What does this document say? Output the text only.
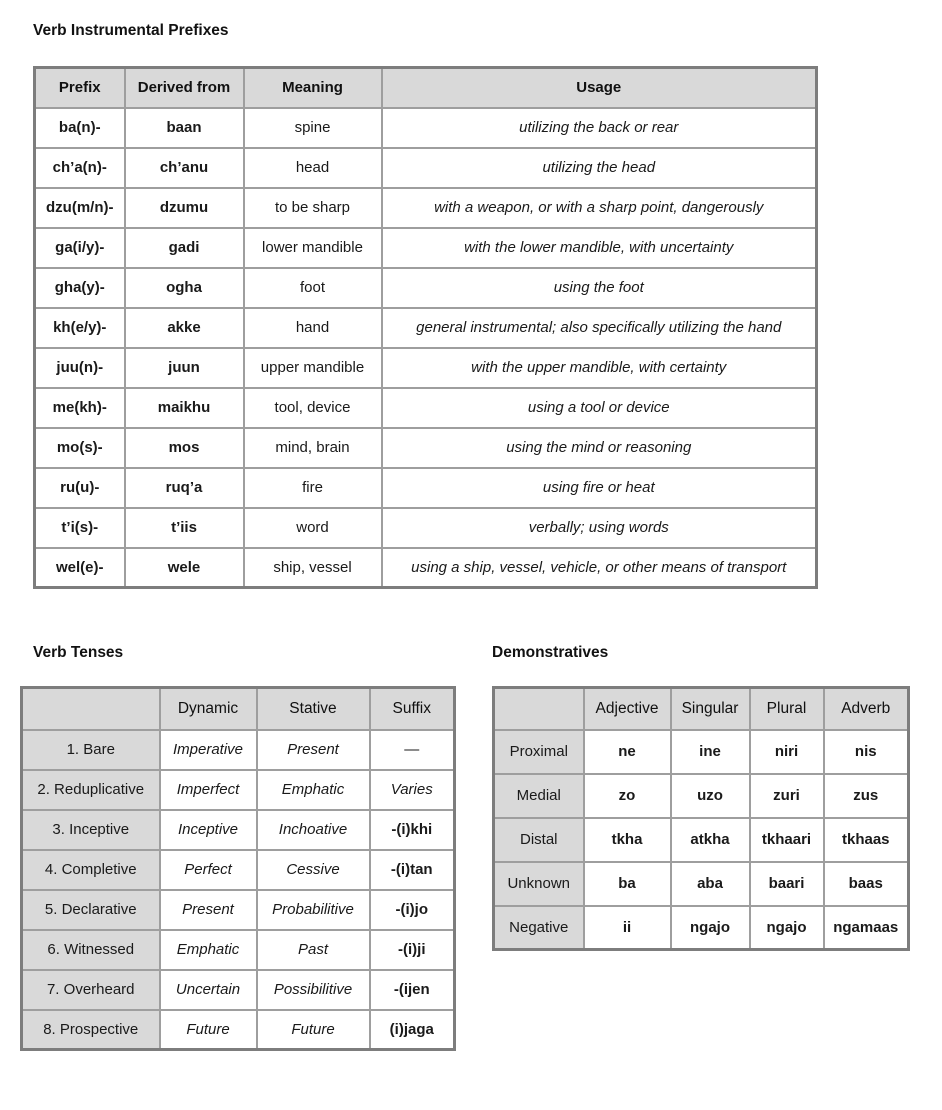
Verb Instrumental Prefixes
Prefix	Derived from	Meaning	Usage
ba(n)-	baan	spine	utilizing the back or rear
ch’a(n)-	ch’anu	head	utilizing the head
dzu(m/n)-	dzumu	to be sharp	with a weapon, or with a sharp point, dangerously
ga(i/y)-	gadi	lower mandible	with the lower mandible, with uncertainty
gha(y)-	ogha	foot	using the foot
kh(e/y)-	akke	hand	general instrumental; also specifically utilizing the hand
juu(n)-	juun	upper mandible	with the upper mandible, with certainty
me(kh)-	maikhu	tool, device	using a tool or device
mo(s)-	mos	mind, brain	using the mind or reasoning
ru(u)-	ruq’a	fire	using fire or heat
t’i(s)-	t’iis	word	verbally; using words
wel(e)-	wele	ship, vessel	using a ship, vessel, vehicle, or other means of transport
Verb Tenses
	Dynamic	Stative	Suffix
1. Bare	Imperative	Present	—
2. Reduplicative	Imperfect	Emphatic	Varies
3. Inceptive	Inceptive	Inchoative	-(i)khi
4. Completive	Perfect	Cessive	-(i)tan
5. Declarative	Present	Probabilitive	-(i)jo
6. Witnessed	Emphatic	Past	-(i)ji
7. Overheard	Uncertain	Possibilitive	-(ijen
8. Prospective	Future	Future	(i)jaga
Demonstratives
	Adjective	Singular	Plural	Adverb
Proximal	ne	ine	niri	nis
Medial	zo	uzo	zuri	zus
Distal	tkha	atkha	tkhaari	tkhaas
Unknown	ba	aba	baari	baas
Negative	ii	ngajo	ngajo	ngamaas
